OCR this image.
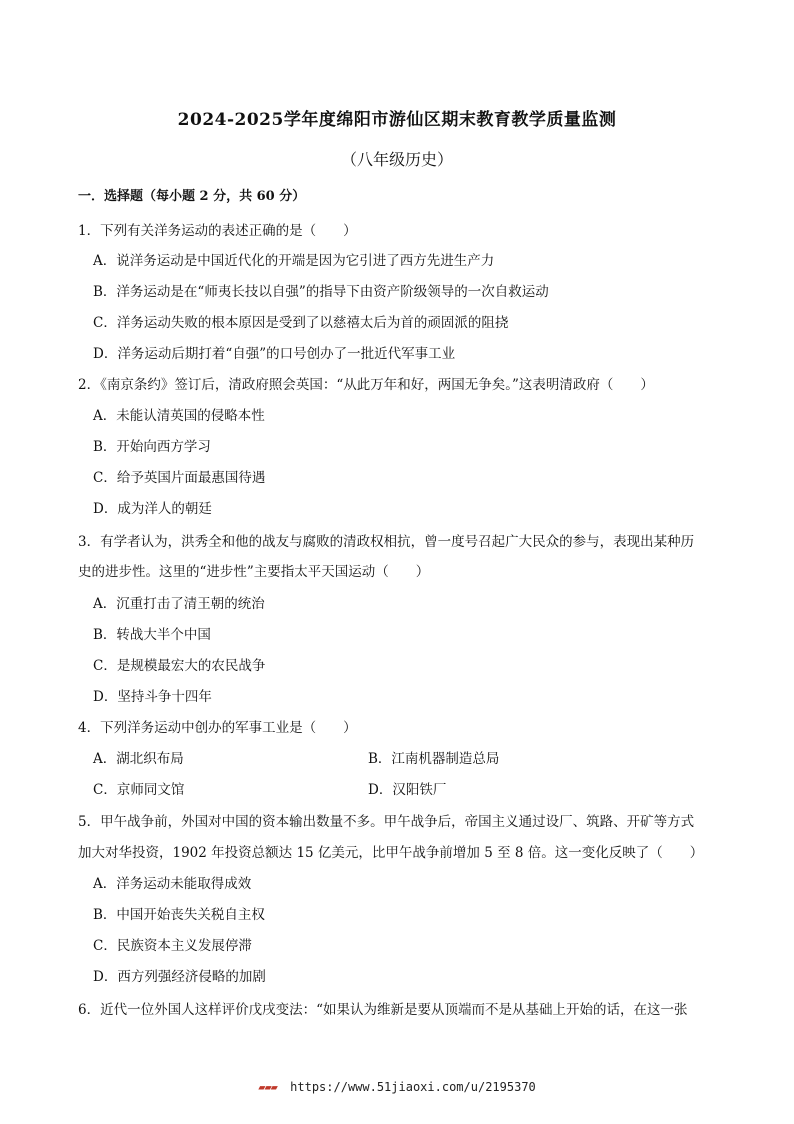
2024-2025学年度绵阳市游仙区期末教育教学质量监测
（八年级历史）
一．选择题（每小题 2 分，共 60 分）
1．下列有关洋务运动的表述正确的是（　　）
A．说洋务运动是中国近代化的开端是因为它引进了西方先进生产力
B．洋务运动是在“师夷长技以自强”的指导下由资产阶级领导的一次自救运动
C．洋务运动失败的根本原因是受到了以慈禧太后为首的顽固派的阻挠
D．洋务运动后期打着“自强”的口号创办了一批近代军事工业
2．《南京条约》签订后，清政府照会英国：“从此万年和好，两国无争矣。”这表明清政府（　　）
A．未能认清英国的侵略本性
B．开始向西方学习
C．给予英国片面最惠国待遇
D．成为洋人的朝廷
3．有学者认为，洪秀全和他的战友与腐败的清政权相抗，曾一度号召起广大民众的参与，表现出某种历
史的进步性。这里的“进步性”主要指太平天国运动（　　）
A．沉重打击了清王朝的统治
B．转战大半个中国
C．是规模最宏大的农民战争
D．坚持斗争十四年
4．下列洋务运动中创办的军事工业是（　　）
A．湖北织布局	B．江南机器制造总局
C．京师同文馆	D．汉阳铁厂
5．甲午战争前，外国对中国的资本输出数量不多。甲午战争后，帝国主义通过设厂、筑路、开矿等方式
加大对华投资，1902 年投资总额达 15 亿美元，比甲午战争前增加 5 至 8 倍。这一变化反映了（　　）
A．洋务运动未能取得成效
B．中国开始丧失关税自主权
C．民族资本主义发展停滞
D．西方列强经济侵略的加剧
6．近代一位外国人这样评价戊戌变法：“如果认为维新是要从顶端而不是从基础上开始的话，在这一张
▰▰▰ https://www.51jiaoxi.com/u/2195370
